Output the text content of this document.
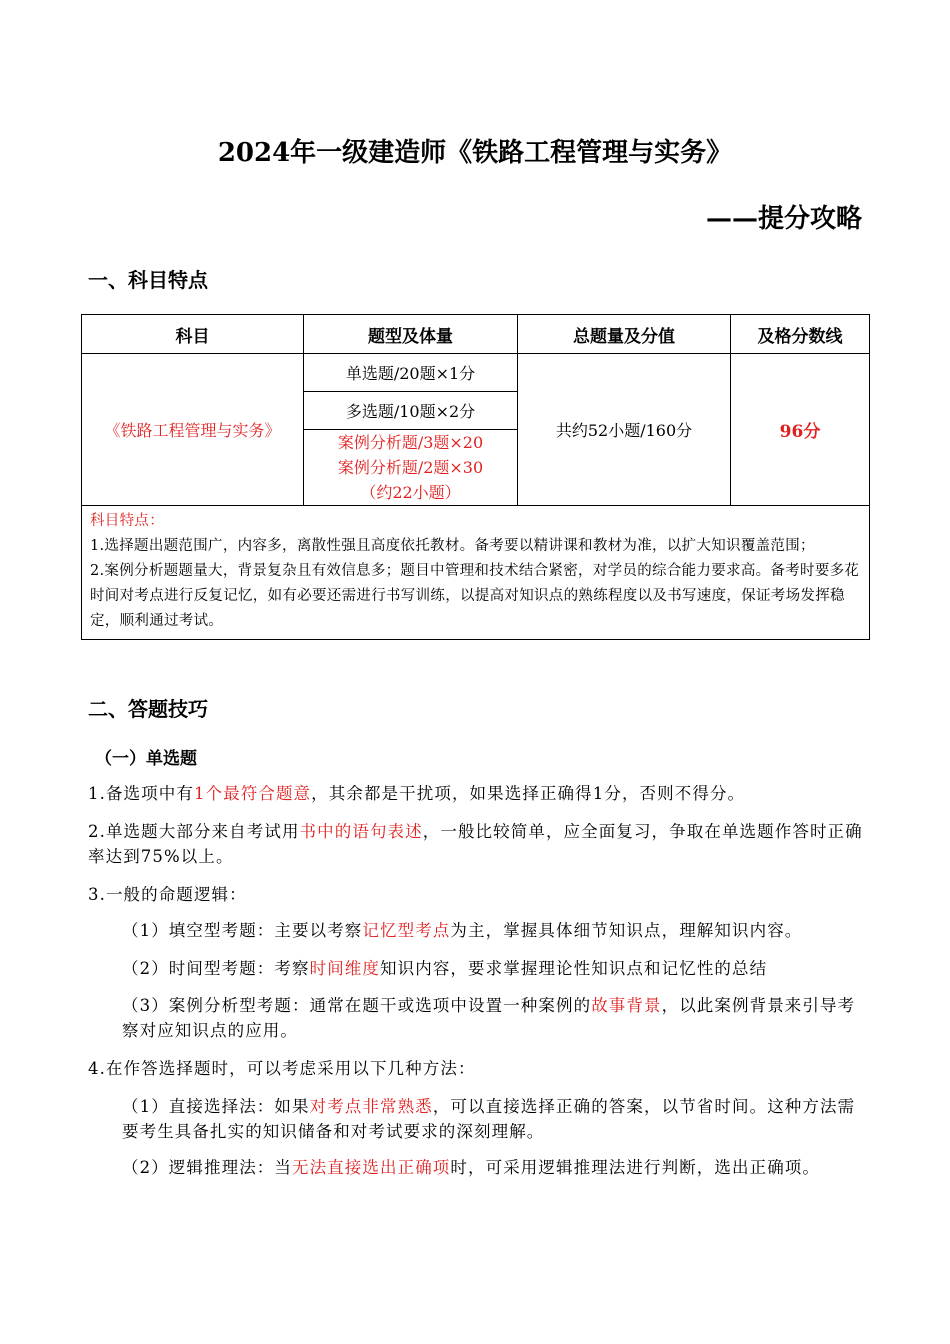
2024年一级建造师《铁路工程管理与实务》
——提分攻略
一、科目特点
科目	题型及体量	总题量及分值	及格分数线
《铁路工程管理与实务》	单选题/20题×1分	共约52小题/160分	96分
	多选题/10题×2分		

	案例分析题/3题×20
案例分析题/2题×30
（约22小题）		

科目特点：
1.选择题出题范围广，内容多，离散性强且高度依托教材。备考要以精讲课和教材为准，以扩大知识覆盖范围；
2.案例分析题题量大，背景复杂且有效信息多；题目中管理和技术结合紧密，对学员的综合能力要求高。备考时要多花时间对考点进行反复记忆，如有必要还需进行书写训练，以提高对知识点的熟练程度以及书写速度，保证考场发挥稳定，顺利通过考试。			
二、答题技巧
（一）单选题
1.备选项中有1个最符合题意，其余都是干扰项，如果选择正确得1分，否则不得分。
2.单选题大部分来自考试用书中的语句表述，一般比较简单，应全面复习，争取在单选题作答时正确率达到75%以上。
3.一般的命题逻辑：
（1）填空型考题：主要以考察记忆型考点为主，掌握具体细节知识点，理解知识内容。
（2）时间型考题：考察时间维度知识内容，要求掌握理论性知识点和记忆性的总结
（3）案例分析型考题：通常在题干或选项中设置一种案例的故事背景，以此案例背景来引导考察对应知识点的应用。
4.在作答选择题时，可以考虑采用以下几种方法：
（1）直接选择法：如果对考点非常熟悉，可以直接选择正确的答案，以节省时间。这种方法需要考生具备扎实的知识储备和对考试要求的深刻理解。
（2）逻辑推理法：当无法直接选出正确项时，可采用逻辑推理法进行判断，选出正确项。
